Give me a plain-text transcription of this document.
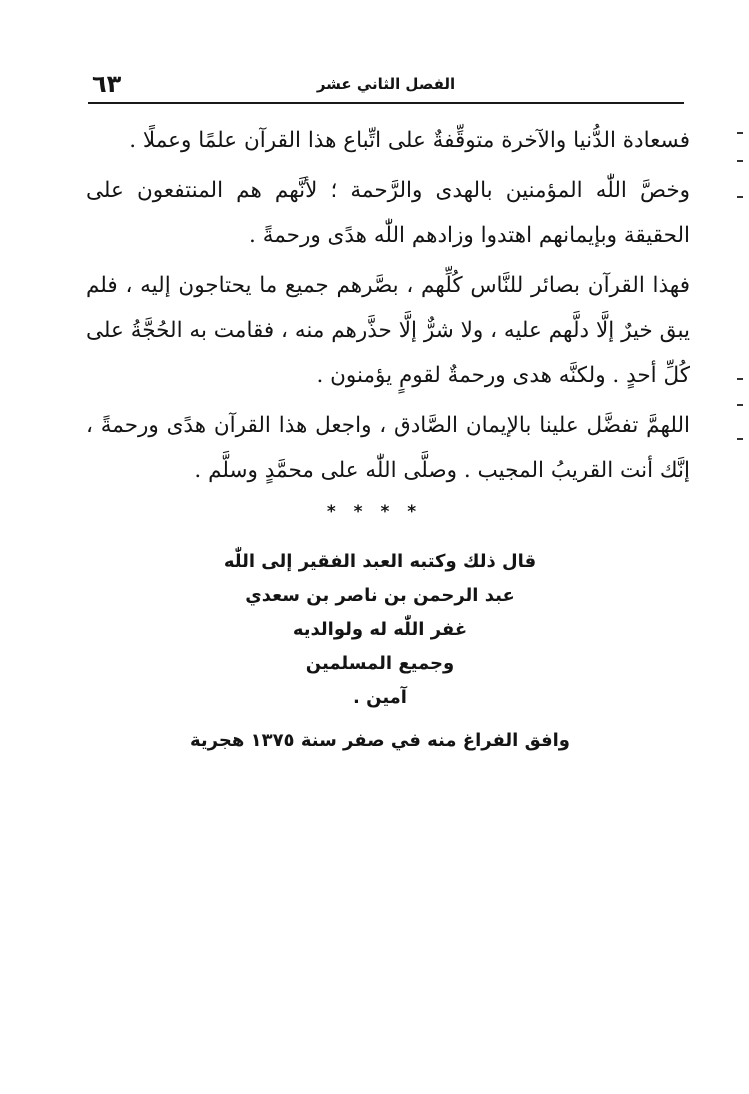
٦٣	الفصل الثاني عشر

فسعادة الدُّنيا والآخرة متوقِّفةٌ على اتِّباع هذا القرآن علمًا وعملًا .

وخصَّ اللّٰه المؤمنين بالهدى والرَّحمة ؛ لأنَّهم هم المنتفعون على الحقيقة وبإيمانهم اهتدوا وزادهم اللّٰه هدًى ورحمةً .

فهذا القرآن بصائر للنَّاس كُلِّهم ، بصَّرهم جميع ما يحتاجون إليه ، فلم يبق خيرٌ إلَّا دلَّهم عليه ، ولا شرٌّ إلَّا حذَّرهم منه ، فقامت به الحُجَّةُ على كُلِّ أحدٍ . ولكنَّه هدى ورحمةٌ لقومٍ يؤمنون .

اللهمَّ تفضَّل علينا بالإيمان الصَّادق ، واجعل هذا القرآن هدًى ورحمةً ، إنَّك أنت القريبُ المجيب . وصلَّى اللّٰه على محمَّدٍ وسلَّم .

* * * *
قال ذلك وكتبه العبد الفقير إلى اللّٰه
عبد الرحمن بن ناصر بن سعدي
غفر اللّٰه له ولوالديه
وجميع المسلمين
آمين .
وافق الفراغ منه في صفر سنة ١٣٧٥ هجرية
